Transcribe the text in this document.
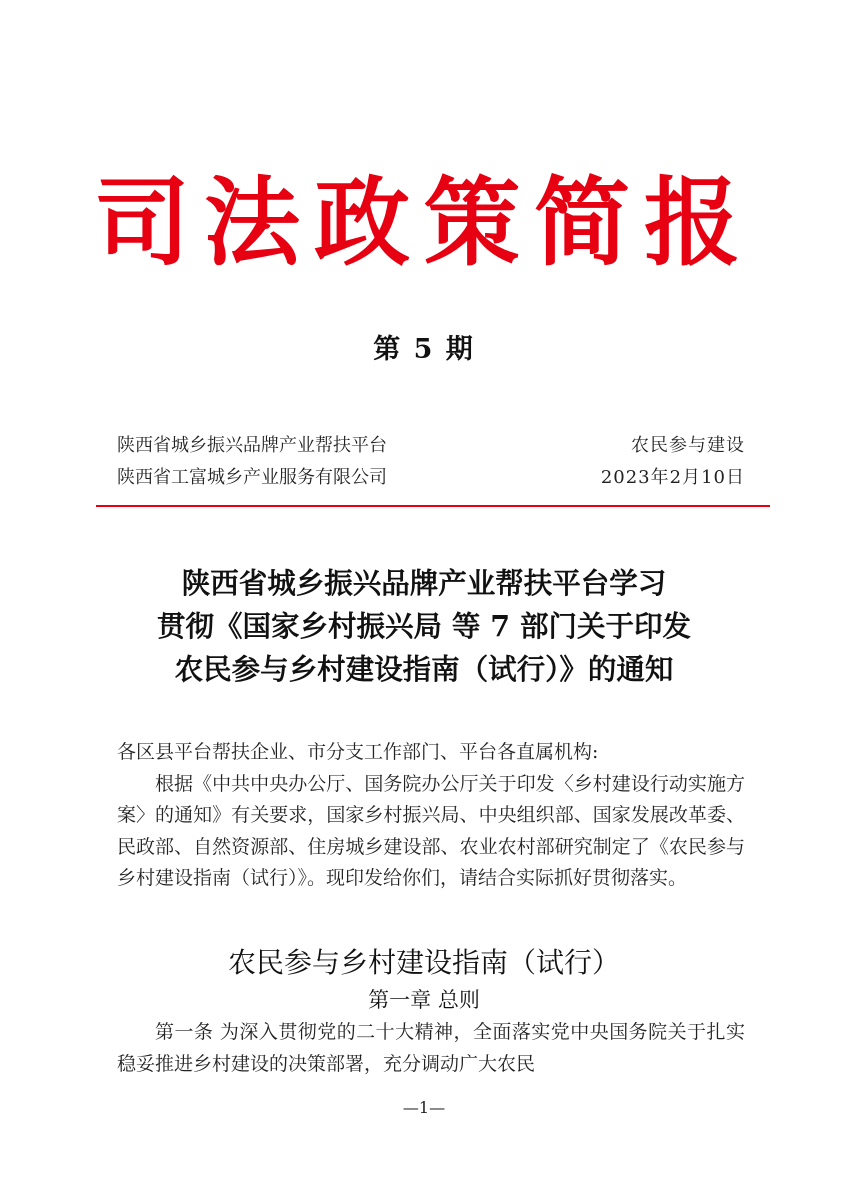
司法政策简报
第 5 期
陕西省城乡振兴品牌产业帮扶平台	农民参与建设
陕西省工富城乡产业服务有限公司	2023年2月10日
陕西省城乡振兴品牌产业帮扶平台学习
贯彻《国家乡村振兴局 等 7 部门关于印发
农民参与乡村建设指南（试行）》的通知

各区县平台帮扶企业、市分支工作部门、平台各直属机构:

根据《中共中央办公厅、国务院办公厅关于印发〈乡村建设行动实施方案〉的通知》有关要求，国家乡村振兴局、中央组织部、国家发展改革委、民政部、自然资源部、住房城乡建设部、农业农村部研究制定了《农民参与乡村建设指南（试行）》。现印发给你们，请结合实际抓好贯彻落实。

农民参与乡村建设指南（试行）
第一章 总则
第一条 为深入贯彻党的二十大精神，全面落实党中央国务院关于扎实稳妥推进乡村建设的决策部署，充分调动广大农民
—1—
